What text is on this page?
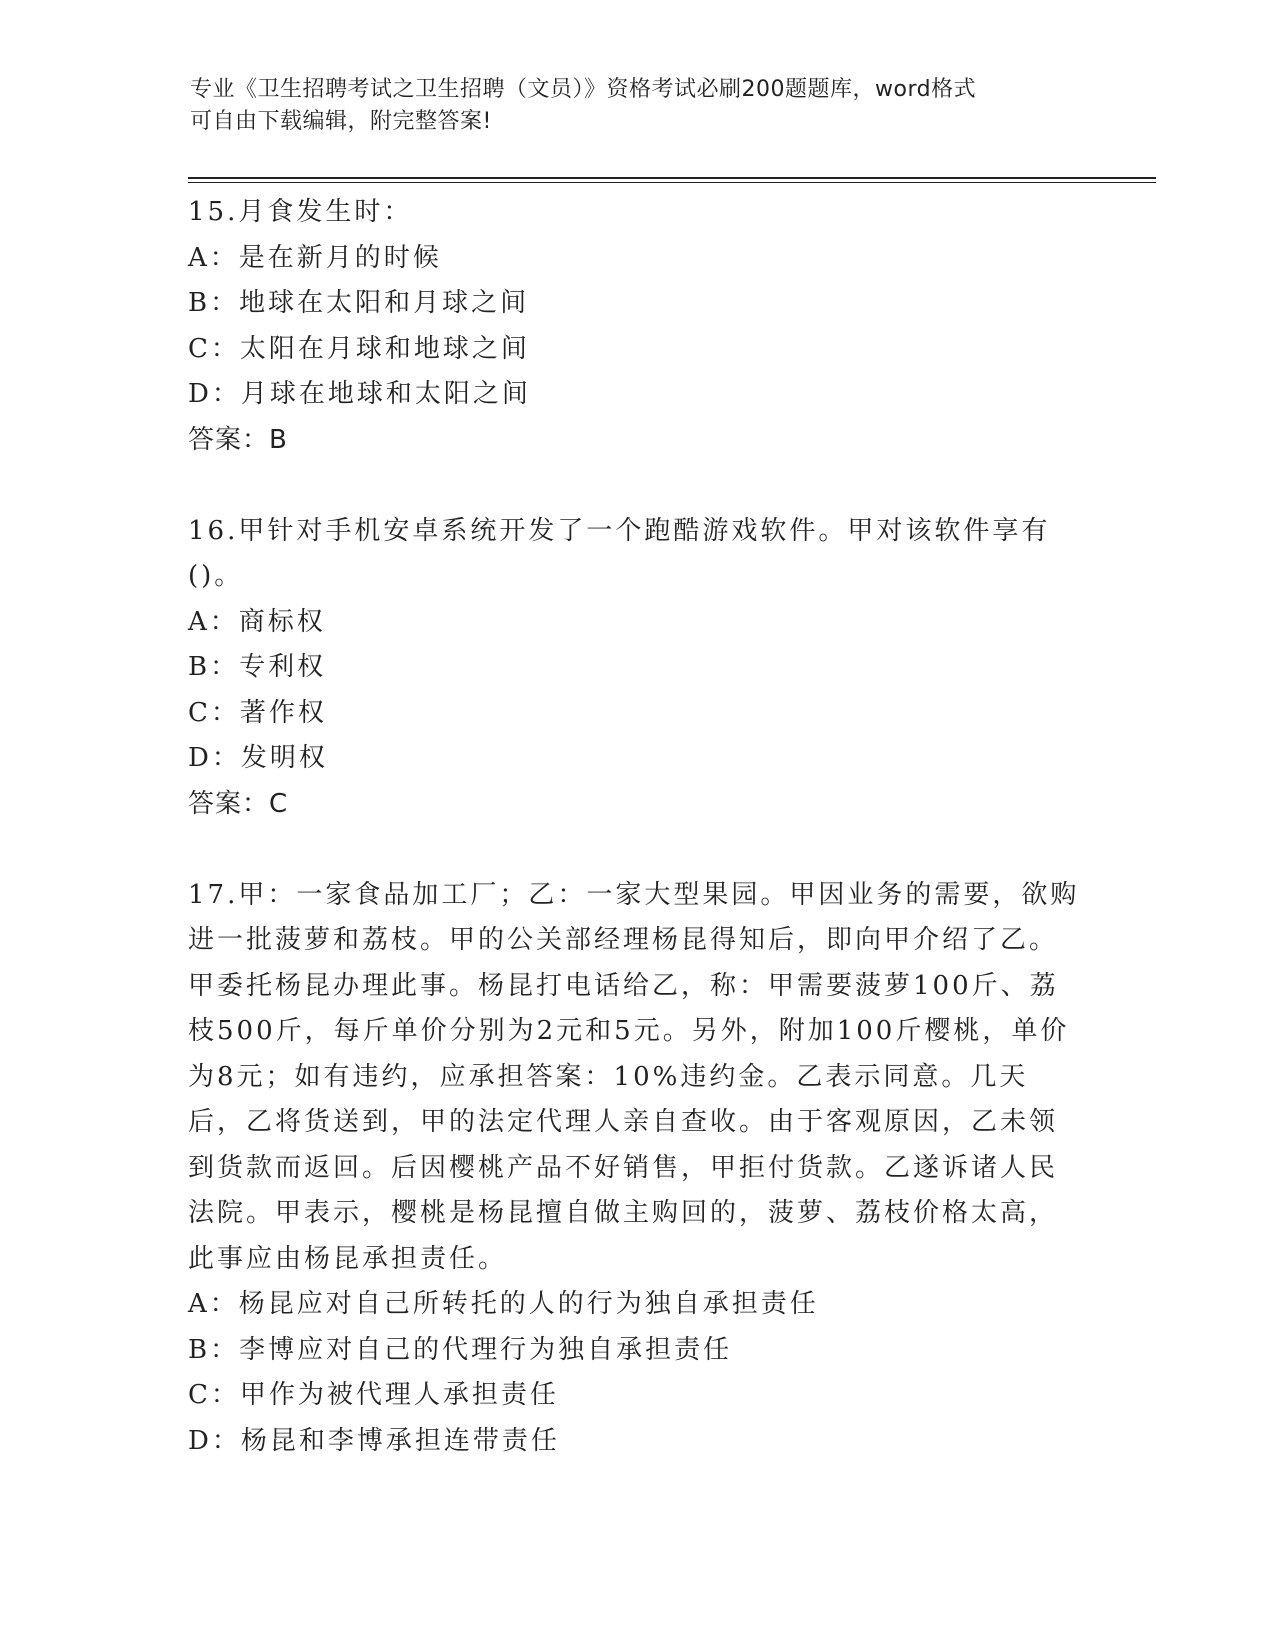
专业《卫生招聘考试之卫生招聘（文员）》资格考试必刷200题题库，word格式
可自由下载编辑，附完整答案!
15.月食发生时：
A：是在新月的时候
B：地球在太阳和月球之间
C：太阳在月球和地球之间
D：月球在地球和太阳之间
答案：B
16.甲针对手机安卓系统开发了一个跑酷游戏软件。甲对该软件享有()。
A：商标权
B：专利权
C：著作权
D：发明权
答案：C
17.甲：一家食品加工厂；乙：一家大型果园。甲因业务的需要，欲购进一批菠萝和荔枝。甲的公关部经理杨昆得知后，即向甲介绍了乙。甲委托杨昆办理此事。杨昆打电话给乙，称：甲需要菠萝100斤、荔枝500斤，每斤单价分别为2元和5元。另外，附加100斤樱桃，单价为8元；如有违约，应承担答案：10%违约金。乙表示同意。几天后，乙将货送到，甲的法定代理人亲自查收。由于客观原因，乙未领到货款而返回。后因樱桃产品不好销售，甲拒付货款。乙遂诉诸人民法院。甲表示，樱桃是杨昆擅自做主购回的，菠萝、荔枝价格太高，此事应由杨昆承担责任。
A：杨昆应对自己所转托的人的行为独自承担责任
B：李博应对自己的代理行为独自承担责任
C：甲作为被代理人承担责任
D：杨昆和李博承担连带责任
